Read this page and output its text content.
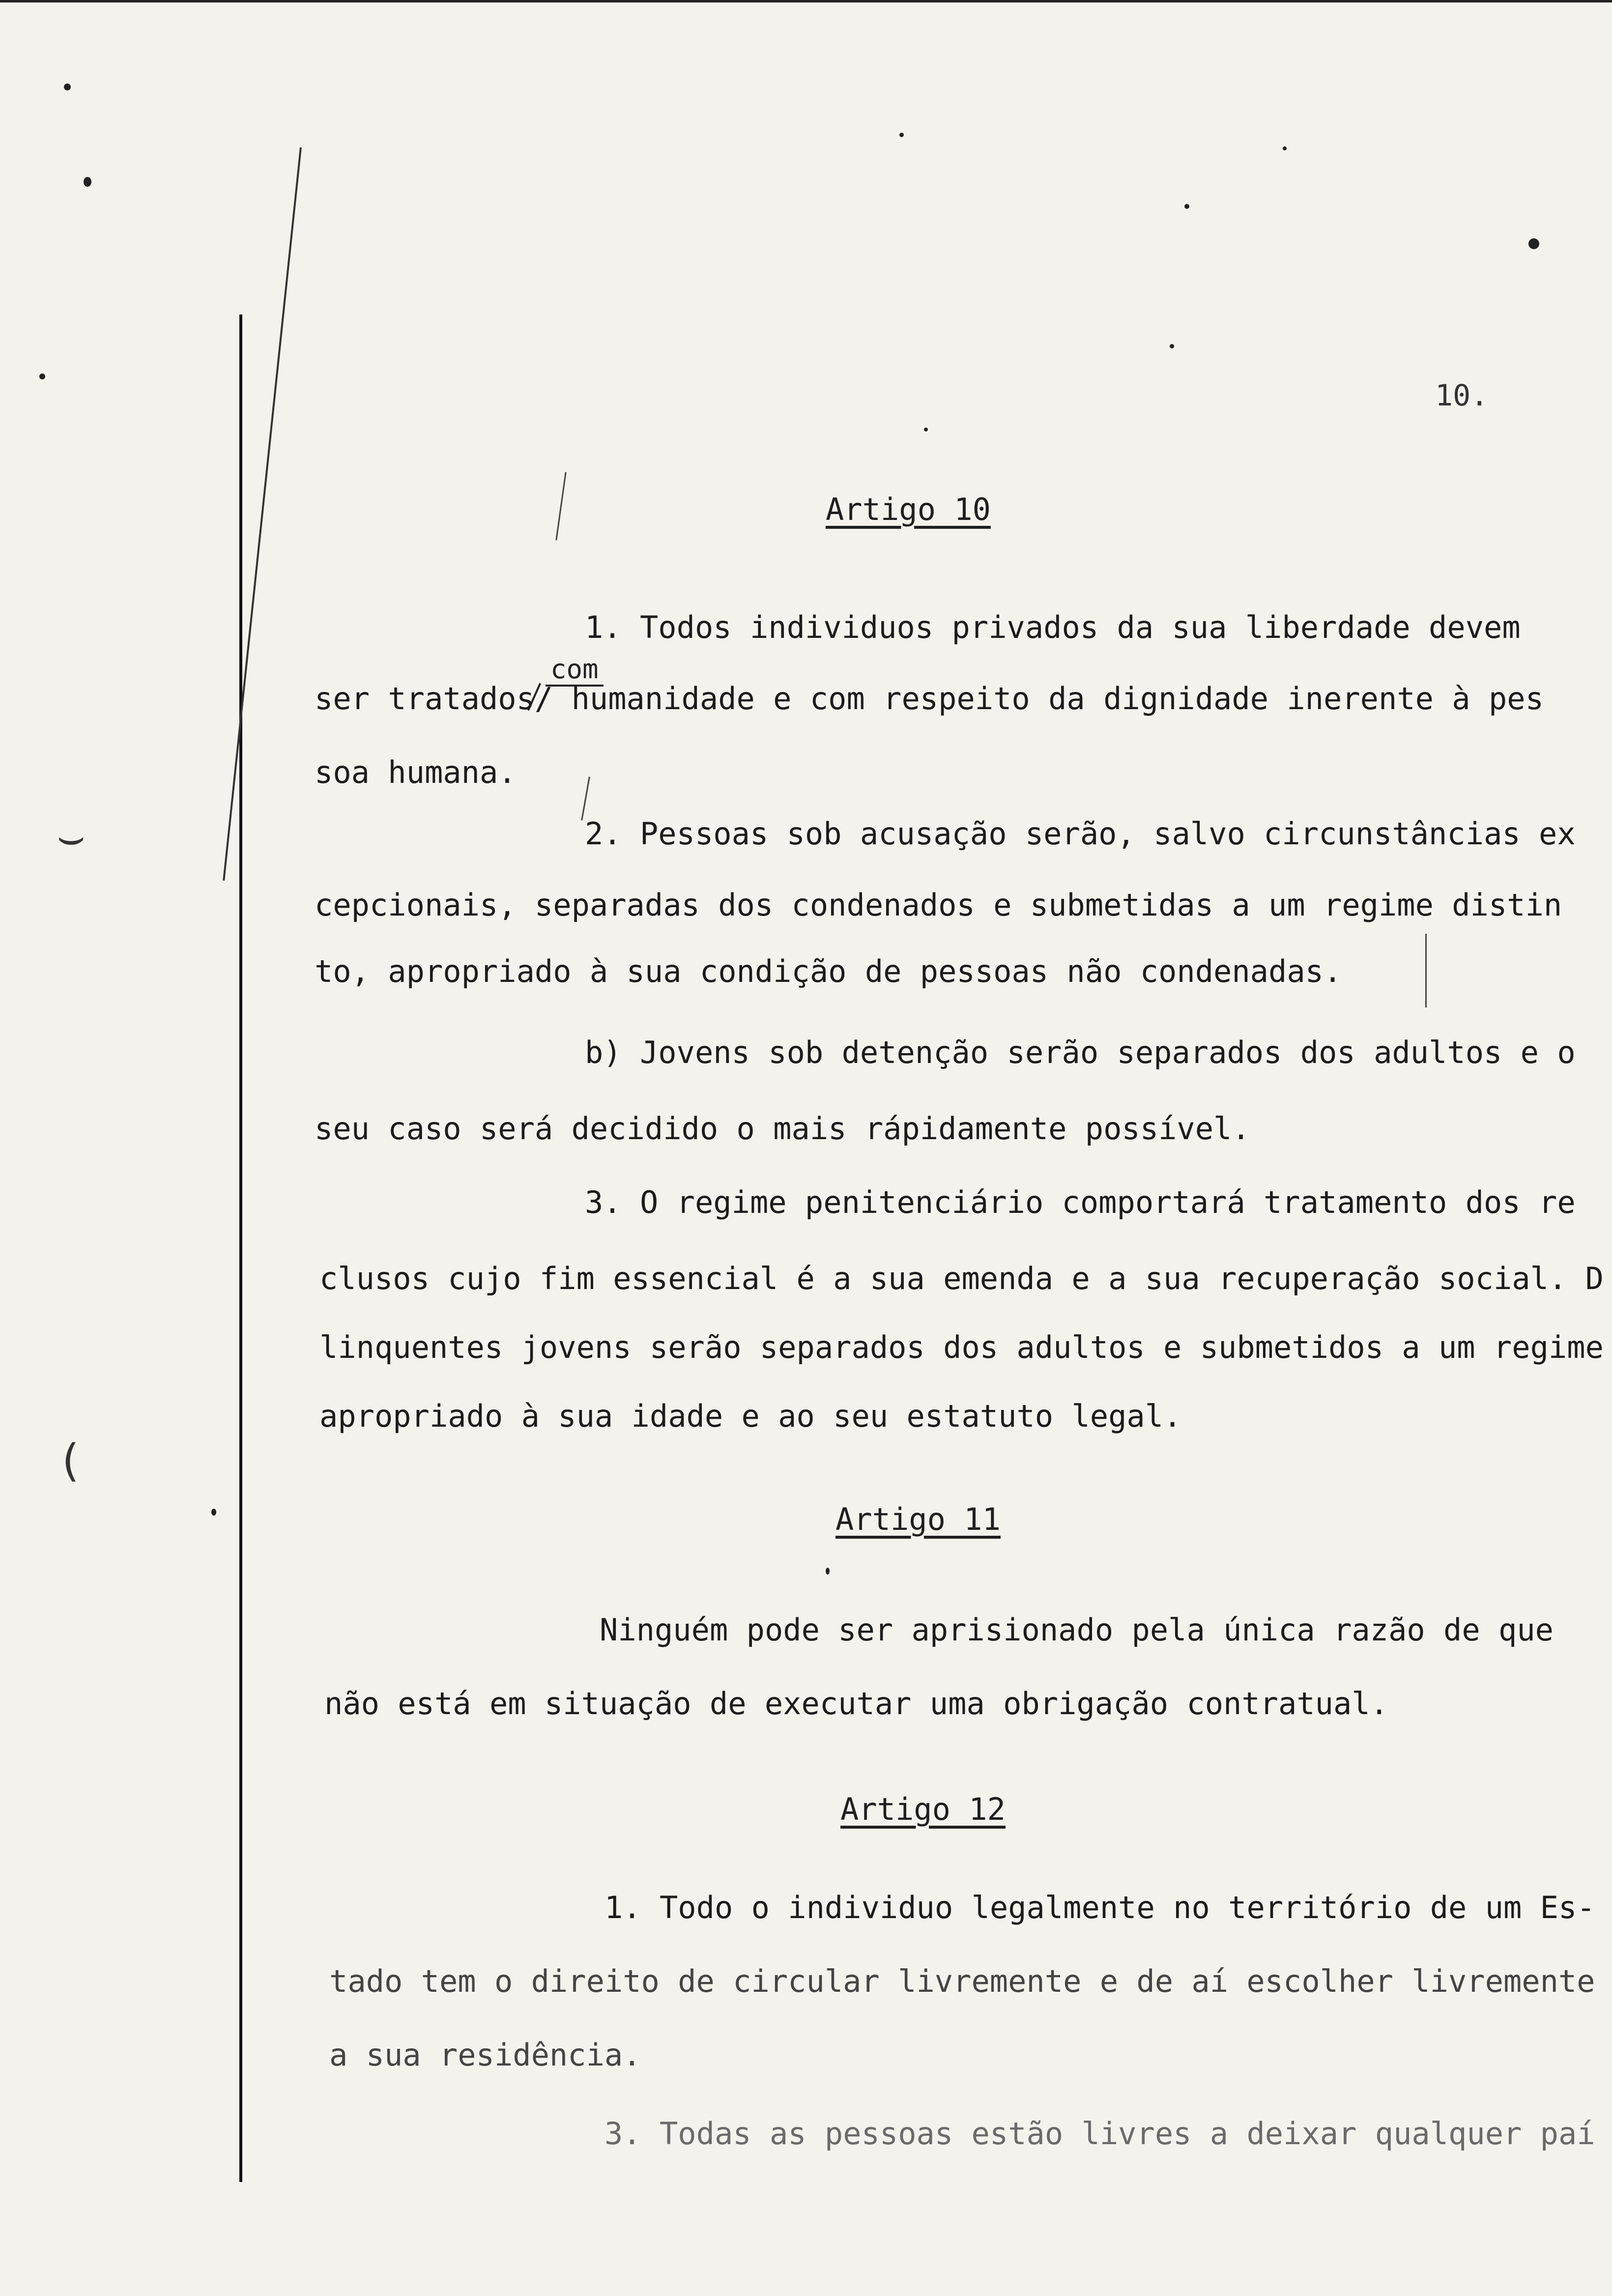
⌣
(
10.
Artigo 10
1. Todos individuos privados da sua liberdade devem
com
ser tratados/ humanidade e com respeito da dignidade inerente à pes
soa humana.
2. Pessoas sob acusação serão, salvo circunstâncias ex
cepcionais, separadas dos condenados e submetidas a um regime distin
to, apropriado à sua condição de pessoas não condenadas.
b) Jovens sob detenção serão separados dos adultos e o
seu caso será decidido o mais rápidamente possível.
3. O regime penitenciário comportará tratamento dos re
clusos cujo fim essencial é a sua emenda e a sua recuperação social. D
linquentes jovens serão separados dos adultos e submetidos a um regime
apropriado à sua idade e ao seu estatuto legal.
Artigo 11
Ninguém pode ser aprisionado pela única razão de que
não está em situação de executar uma obrigação contratual.
Artigo 12
1. Todo o individuo legalmente no território de um Es-
tado tem o direito de circular livremente e de aí escolher livremente
a sua residência.
3. Todas as pessoas estão livres a deixar qualquer paí
